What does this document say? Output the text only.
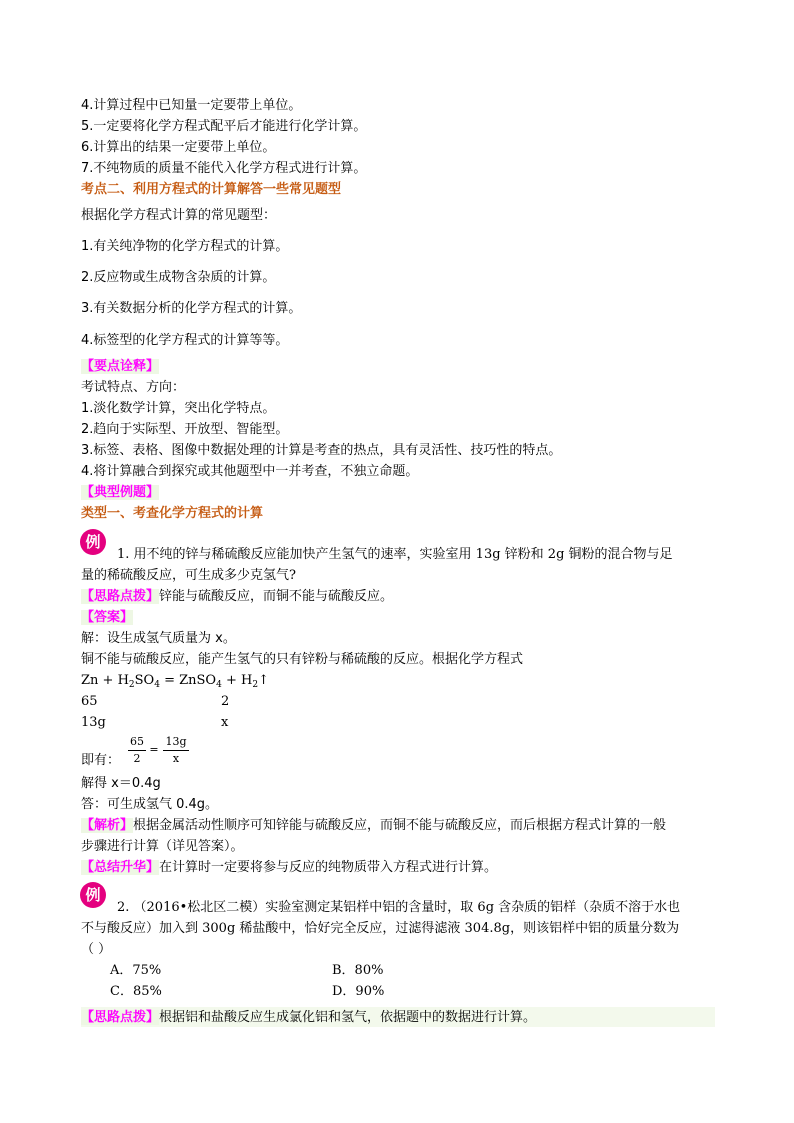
4.计算过程中已知量一定要带上单位。
5.一定要将化学方程式配平后才能进行化学计算。
6.计算出的结果一定要带上单位。
7.不纯物质的质量不能代入化学方程式进行计算。
考点二、利用方程式的计算解答一些常见题型
根据化学方程式计算的常见题型：
1.有关纯净物的化学方程式的计算。
2.反应物或生成物含杂质的计算。
3.有关数据分析的化学方程式的计算。
4.标签型的化学方程式的计算等等。
【要点诠释】
考试特点、方向：
1.淡化数学计算，突出化学特点。
2.趋向于实际型、开放型、智能型。
3.标签、表格、图像中数据处理的计算是考查的热点，具有灵活性、技巧性的特点。
4.将计算融合到探究或其他题型中一并考查，不独立命题。
【典型例题】
类型一、考查化学方程式的计算
例
1. 用不纯的锌与稀硫酸反应能加快产生氢气的速率，实验室用 13g 锌粉和 2g 铜粉的混合物与足
量的稀硫酸反应，可生成多少克氢气?
【思路点拨】锌能与硫酸反应，而铜不能与硫酸反应。
【答案】
解：设生成氢气质量为 x。
铜不能与硫酸反应，能产生氢气的只有锌粉与稀硫酸的反应。根据化学方程式
$Zn + H_2SO_4$ = ZnSO$_4$ + $H_2↑$
65	2
13g	x
即有：
65
2
=
13g
x
解得 x＝0.4g
答：可生成氢气 0.4g。
【解析】根据金属活动性顺序可知锌能与硫酸反应，而铜不能与硫酸反应，而后根据方程式计算的一般
步骤进行计算（详见答案）。
【总结升华】在计算时一定要将参与反应的纯物质带入方程式进行计算。
例
2. （2016•松北区二模）实验室测定某铝样中铝的含量时，取 6g 含杂质的铝样（杂质不溶于水也
不与酸反应）加入到 300g 稀盐酸中，恰好完全反应，过滤得滤液 304.8g，则该铝样中铝的质量分数为
（ ）
A．75%	B．80%
C．85%	D．90%
【思路点拨】根据铝和盐酸反应生成氯化铝和氢气，依据题中的数据进行计算。
